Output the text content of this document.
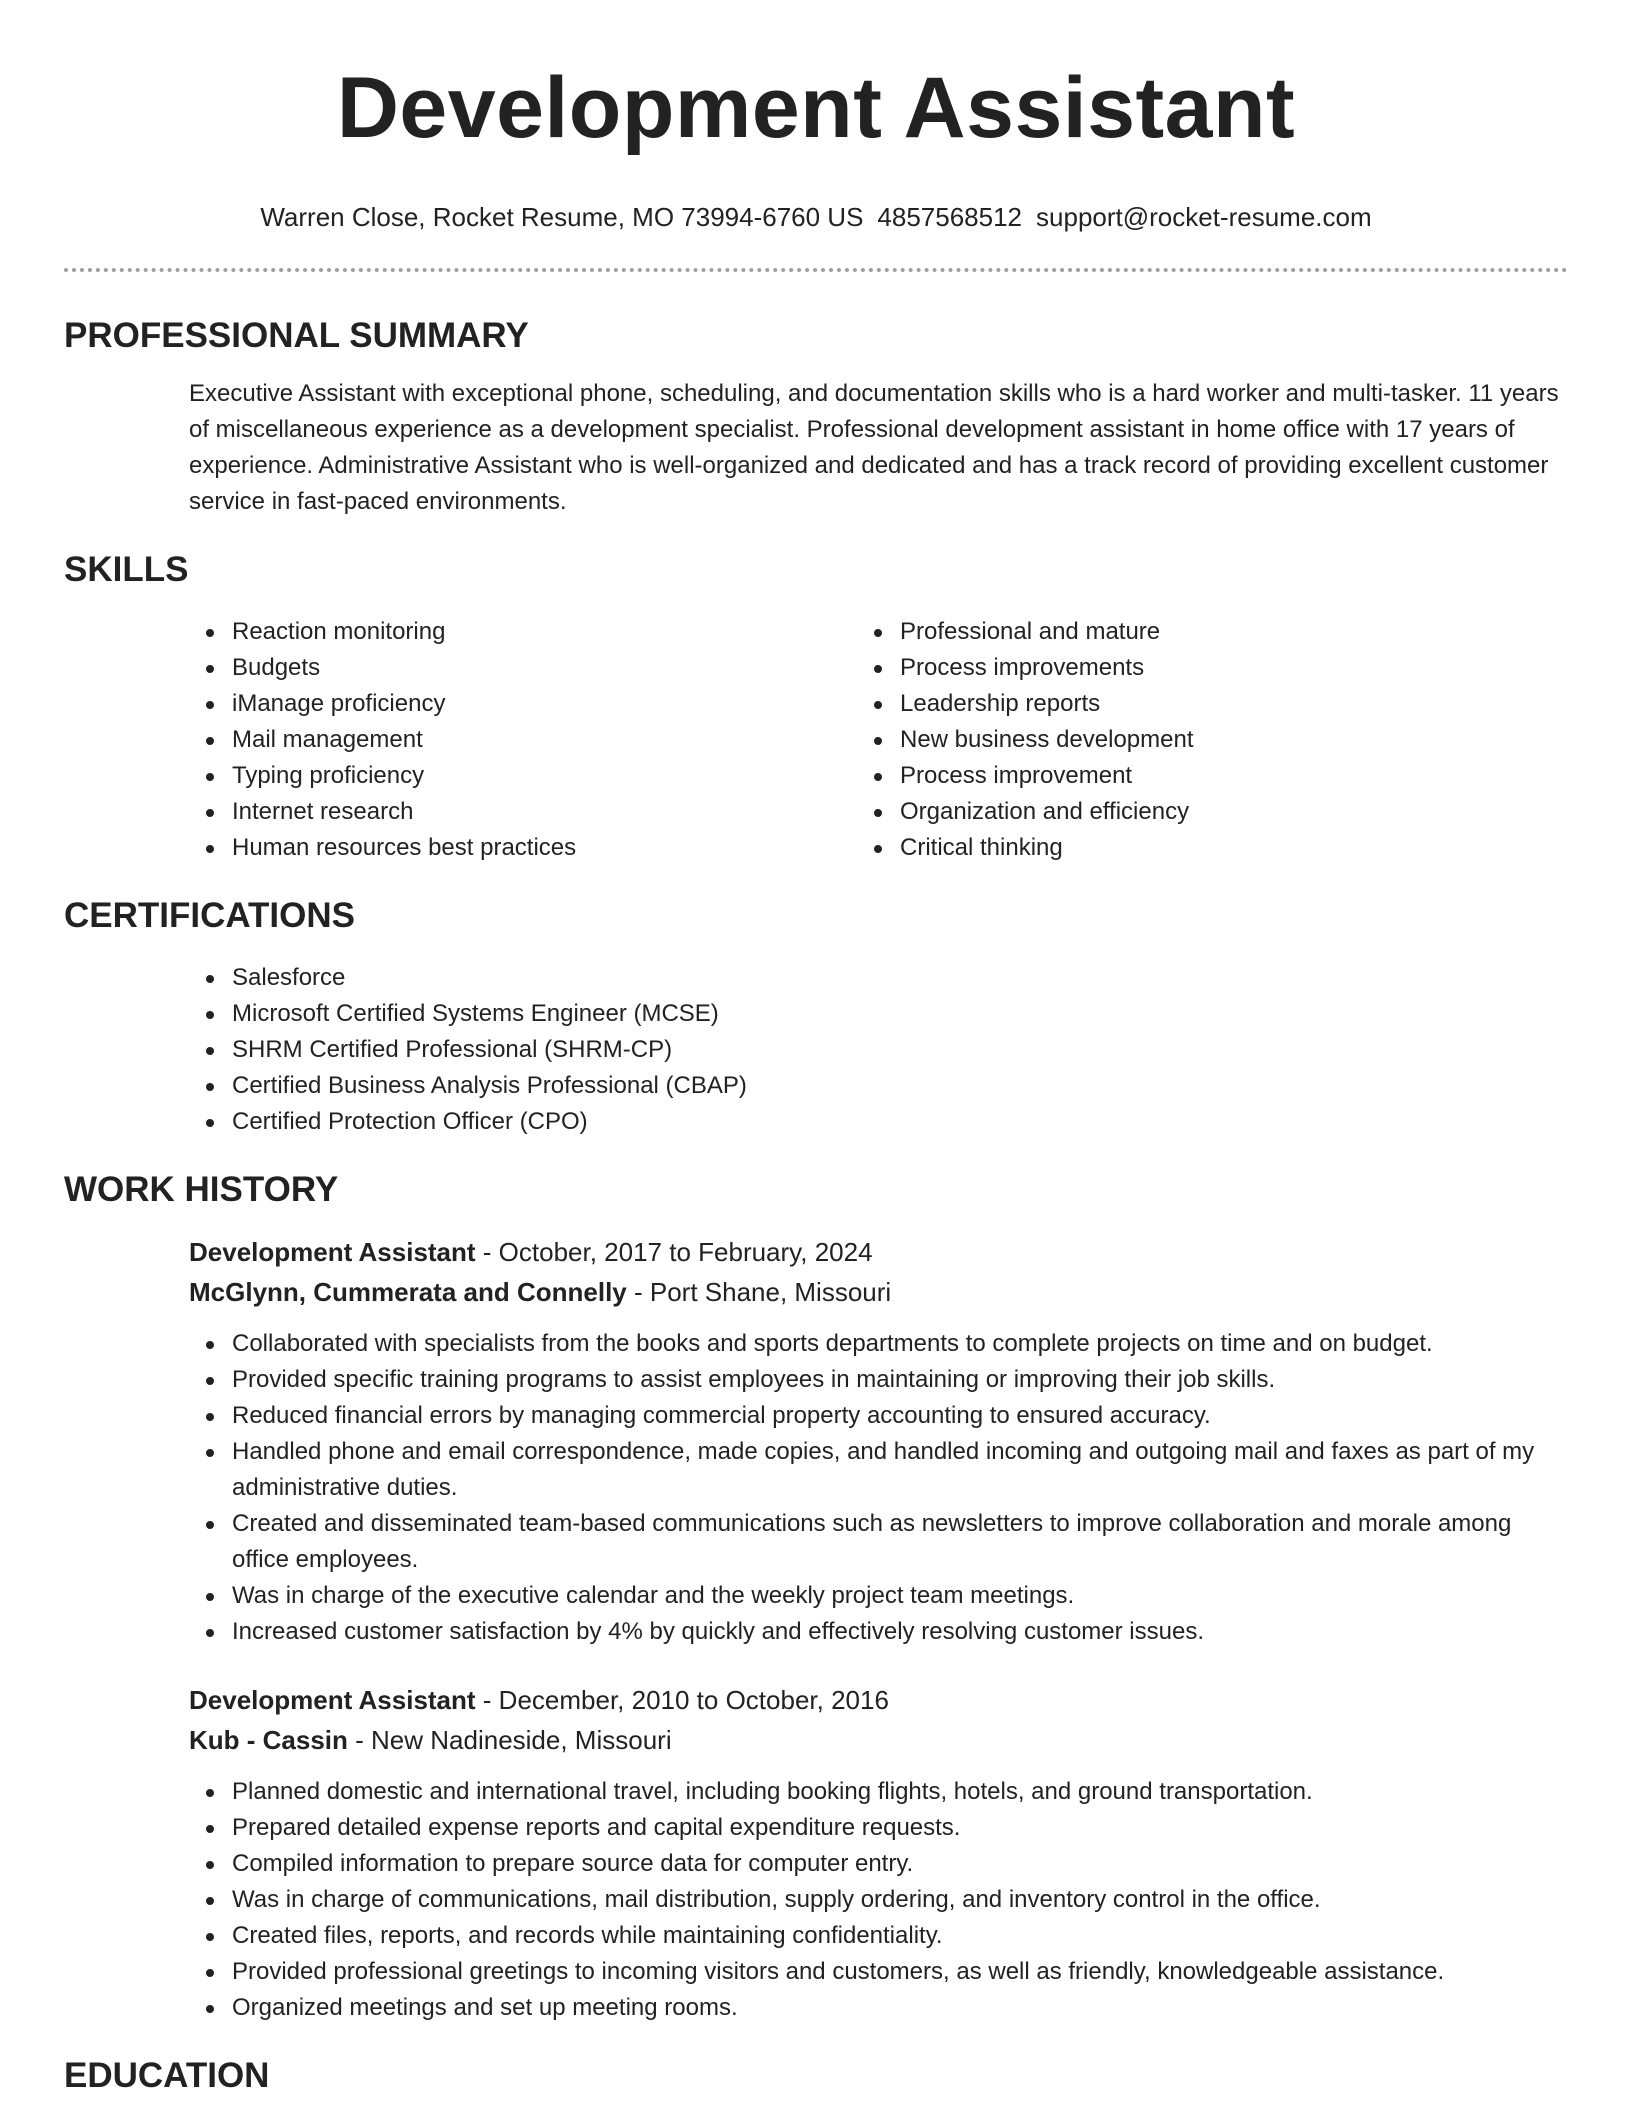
Development Assistant
Warren Close, Rocket Resume, MO 73994-6760 US 4857568512 support@rocket-resume.com
PROFESSIONAL SUMMARY

Executive Assistant with exceptional phone, scheduling, and documentation skills who is a hard worker and multi-tasker. 11 years of miscellaneous experience as a development specialist. Professional development assistant in home office with 17 years of experience. Administrative Assistant who is well-organized and dedicated and has a track record of providing excellent customer service in fast-paced environments.

SKILLS
Reaction monitoring
Budgets
iManage proficiency
Mail management
Typing proficiency
Internet research
Human resources best practices
Professional and mature
Process improvements
Leadership reports
New business development
Process improvement
Organization and efficiency
Critical thinking
CERTIFICATIONS
Salesforce
Microsoft Certified Systems Engineer (MCSE)
SHRM Certified Professional (SHRM-CP)
Certified Business Analysis Professional (CBAP)
Certified Protection Officer (CPO)
WORK HISTORY
Development Assistant - October, 2017 to February, 2024
McGlynn, Cummerata and Connelly - Port Shane, Missouri
Collaborated with specialists from the books and sports departments to complete projects on time and on budget.
Provided specific training programs to assist employees in maintaining or improving their job skills.
Reduced financial errors by managing commercial property accounting to ensured accuracy.
Handled phone and email correspondence, made copies, and handled incoming and outgoing mail and faxes as part of my administrative duties.
Created and disseminated team-based communications such as newsletters to improve collaboration and morale among office employees.
Was in charge of the executive calendar and the weekly project team meetings.
Increased customer satisfaction by 4% by quickly and effectively resolving customer issues.
Development Assistant - December, 2010 to October, 2016
Kub - Cassin - New Nadineside, Missouri
Planned domestic and international travel, including booking flights, hotels, and ground transportation.
Prepared detailed expense reports and capital expenditure requests.
Compiled information to prepare source data for computer entry.
Was in charge of communications, mail distribution, supply ordering, and inventory control in the office.
Created files, reports, and records while maintaining confidentiality.
Provided professional greetings to incoming visitors and customers, as well as friendly, knowledgeable assistance.
Organized meetings and set up meeting rooms.
EDUCATION
